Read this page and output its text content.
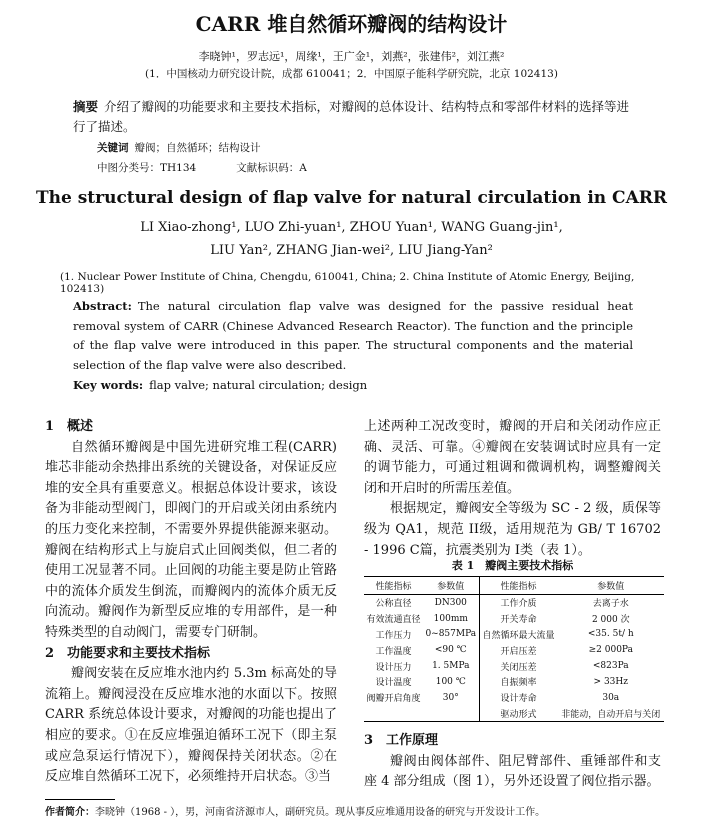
CARR 堆自然循环瓣阀的结构设计
李晓钟¹，罗志远¹，周缘¹，王广金¹，刘燕²，张建伟²，刘江燕²
(1．中国核动力研究设计院，成都 610041；2．中国原子能科学研究院，北京 102413)
摘要 介绍了瓣阀的功能要求和主要技术指标，对瓣阀的总体设计、结构特点和零部件材料的选择等进行了描述。
关键词 瓣阀；自然循环；结构设计
中图分类号：TH134	文献标识码：A
The structural design of flap valve for natural circulation in CARR
LI Xiao-zhong¹, LUO Zhi-yuan¹, ZHOU Yuan¹, WANG Guang-jin¹,
LIU Yan², ZHANG Jian-wei², LIU Jiang-Yan²
(1. Nuclear Power Institute of China, Chengdu, 610041, China; 2. China Institute of Atomic Energy, Beijing, 102413)
Abstract: The natural circulation flap valve was designed for the passive residual heat removal system of CARR (Chinese Advanced Research Reactor). The function and the principle of the flap valve were introduced in this paper. The structural components and the material selection of the flap valve were also described.
Key words: flap valve; natural circulation; design
1　概述
自然循环瓣阀是中国先进研究堆工程(CARR)堆芯非能动余热排出系统的关键设备，对保证反应堆的安全具有重要意义。根据总体设计要求，该设备为非能动型阀门，即阀门的开启或关闭由系统内的压力变化来控制，不需要外界提供能源来驱动。瓣阀在结构形式上与旋启式止回阀类似，但二者的使用工况显著不同。止回阀的功能主要是防止管路中的流体介质发生倒流，而瓣阀内的流体介质无反向流动。瓣阀作为新型反应堆的专用部件，是一种特殊类型的自动阀门，需要专门研制。
2　功能要求和主要技术指标
瓣阀安装在反应堆水池内约 5.3m 标高处的导流箱上。瓣阀浸没在反应堆水池的水面以下。按照 CARR 系统总体设计要求，对瓣阀的功能也提出了相应的要求。①在反应堆强迫循环工况下（即主泵或应急泵运行情况下），瓣阀保持关闭状态。②在反应堆自然循环工况下，必须维持开启状态。③当
上述两种工况改变时，瓣阀的开启和关闭动作应正确、灵活、可靠。④瓣阀在安装调试时应具有一定的调节能力，可通过粗调和微调机构，调整瓣阀关闭和开启时的所需压差值。
根据规定，瓣阀安全等级为 SC - 2 级，质保等级为 QA1，规范 II级，适用规范为 GB/ T 16702 - 1996 C篇，抗震类别为 I类（表 1）。
表 1　瓣阀主要技术指标
性能指标	参数值	性能指标	参数值
公称直径	DN300	工作介质	去离子水
有效流通直径	100mm	开关寿命	2 000 次
工作压力	0~857MPa	自然循环最大流量	<35. 5t/ h
工作温度	<90 ℃	开启压差	≥2 000Pa
设计压力	1. 5MPa	关闭压差	<823Pa
设计温度	100 ℃	自振频率	> 33Hz
阀瓣开启角度	30°	设计寿命	30a
		驱动形式	非能动，自动开启与关闭
3　工作原理
瓣阀由阀体部件、阻尼臂部件、重锤部件和支座 4 部分组成（图 1），另外还设置了阀位指示器。
作者简介：李晓钟（1968 - ），男，河南省济源市人，副研究员。现从事反应堆通用设备的研究与开发设计工作。
